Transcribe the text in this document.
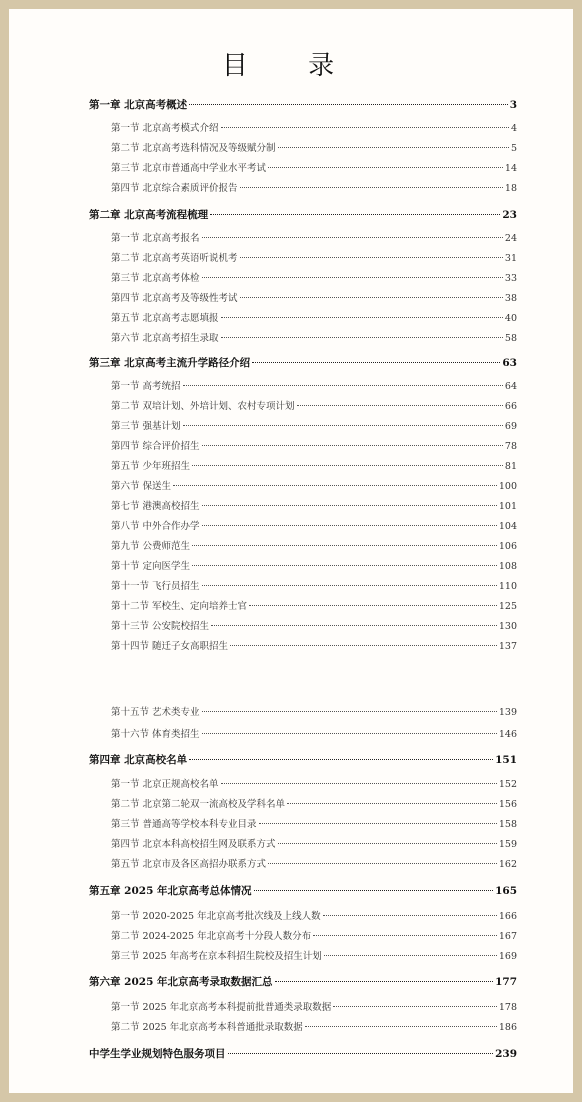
目 录
第一章 北京高考概述	3
第一节 北京高考模式介绍	4
第二节 北京高考选科情况及等级赋分制	5
第三节 北京市普通高中学业水平考试	14
第四节 北京综合素质评价报告	18
第二章 北京高考流程梳理	23
第一节 北京高考报名	24
第二节 北京高考英语听说机考	31
第三节 北京高考体检	33
第四节 北京高考及等级性考试	38
第五节 北京高考志愿填报	40
第六节 北京高考招生录取	58
第三章 北京高考主流升学路径介绍	63
第一节 高考统招	64
第二节 双培计划、外培计划、农村专项计划	66
第三节 强基计划	69
第四节 综合评价招生	78
第五节 少年班招生	81
第六节 保送生	100
第七节 港澳高校招生	101
第八节 中外合作办学	104
第九节 公费师范生	106
第十节 定向医学生	108
第十一节 飞行员招生	110
第十二节 军校生、定向培养士官	125
第十三节 公安院校招生	130
第十四节 随迁子女高职招生	137
第十五节 艺术类专业	139
第十六节 体育类招生	146
第四章 北京高校名单	151
第一节 北京正规高校名单	152
第二节 北京第二轮双一流高校及学科名单	156
第三节 普通高等学校本科专业目录	158
第四节 北京本科高校招生网及联系方式	159
第五节 北京市及各区高招办联系方式	162
第五章 2025 年北京高考总体情况	165
第一节 2020-2025 年北京高考批次线及上线人数	166
第二节 2024-2025 年北京高考十分段人数分布	167
第三节 2025 年高考在京本科招生院校及招生计划	169
第六章 2025 年北京高考录取数据汇总	177
第一节 2025 年北京高考本科提前批普通类录取数据	178
第二节 2025 年北京高考本科普通批录取数据	186
中学生学业规划特色服务项目	239
